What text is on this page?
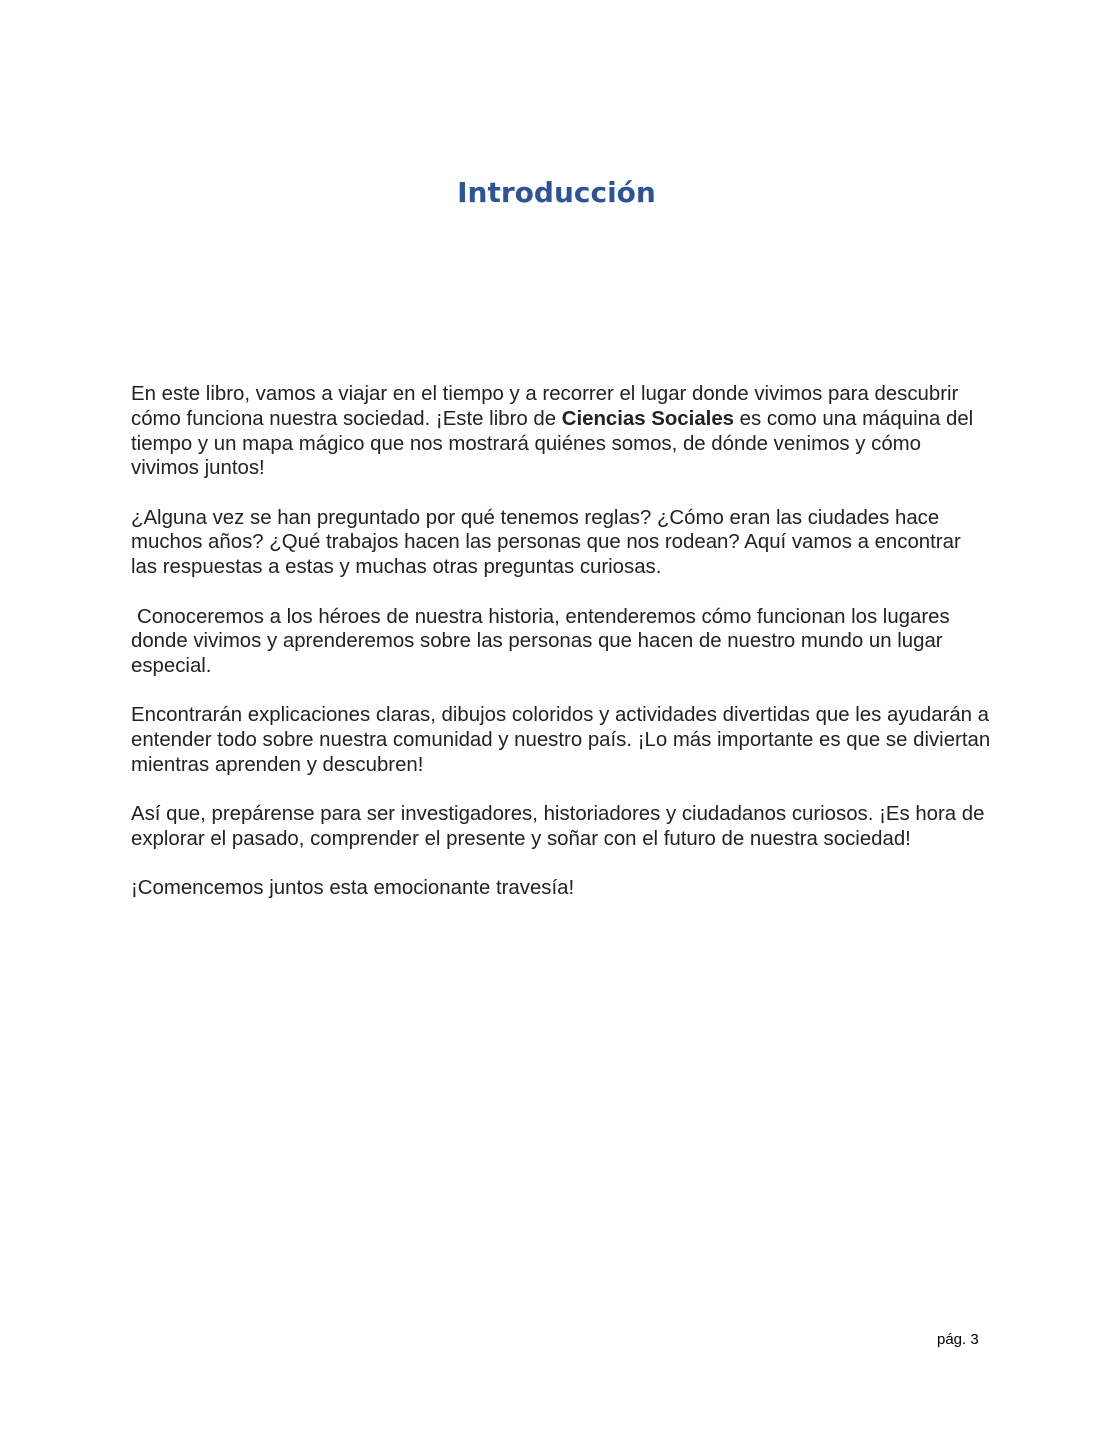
Introducción

En este libro, vamos a viajar en el tiempo y a recorrer el lugar donde vivimos para descubrir cómo funciona nuestra sociedad. ¡Este libro de Ciencias Sociales es como una máquina del tiempo y un mapa mágico que nos mostrará quiénes somos, de dónde venimos y cómo vivimos juntos!

¿Alguna vez se han preguntado por qué tenemos reglas? ¿Cómo eran las ciudades hace muchos años? ¿Qué trabajos hacen las personas que nos rodean? Aquí vamos a encontrar las respuestas a estas y muchas otras preguntas curiosas.

Conoceremos a los héroes de nuestra historia, entenderemos cómo funcionan los lugares donde vivimos y aprenderemos sobre las personas que hacen de nuestro mundo un lugar especial.

Encontrarán explicaciones claras, dibujos coloridos y actividades divertidas que les ayudarán a entender todo sobre nuestra comunidad y nuestro país. ¡Lo más importante es que se diviertan mientras aprenden y descubren!

Así que, prepárense para ser investigadores, historiadores y ciudadanos curiosos. ¡Es hora de explorar el pasado, comprender el presente y soñar con el futuro de nuestra sociedad!

¡Comencemos juntos esta emocionante travesía!

pág. 3
